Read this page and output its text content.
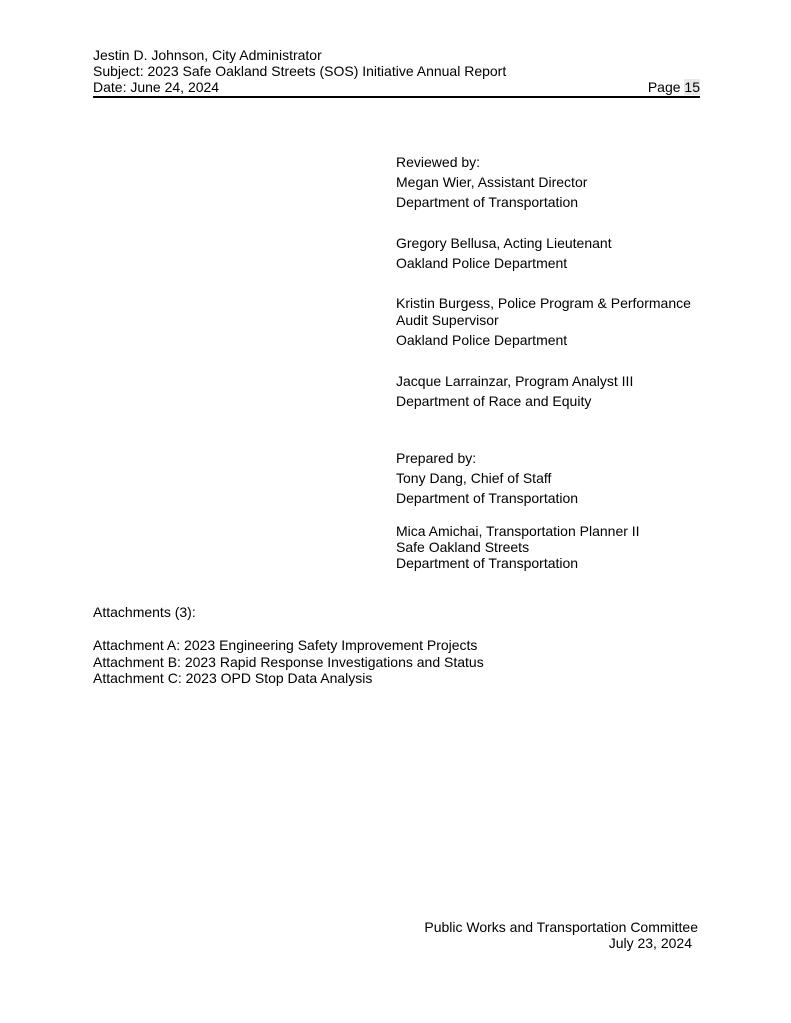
Jestin D. Johnson, City Administrator
Subject: 2023 Safe Oakland Streets (SOS) Initiative Annual Report
Date: June 24, 2024	Page 15
Reviewed by:
Megan Wier, Assistant Director
Department of Transportation
Gregory Bellusa, Acting Lieutenant
Oakland Police Department
Kristin Burgess, Police Program & Performance
Audit Supervisor
Oakland Police Department
Jacque Larrainzar, Program Analyst III
Department of Race and Equity
Prepared by:
Tony Dang, Chief of Staff
Department of Transportation
Mica Amichai, Transportation Planner II
Safe Oakland Streets
Department of Transportation
Attachments (3):
Attachment A: 2023 Engineering Safety Improvement Projects
Attachment B: 2023 Rapid Response Investigations and Status
Attachment C: 2023 OPD Stop Data Analysis
Public Works and Transportation Committee
July 23, 2024
